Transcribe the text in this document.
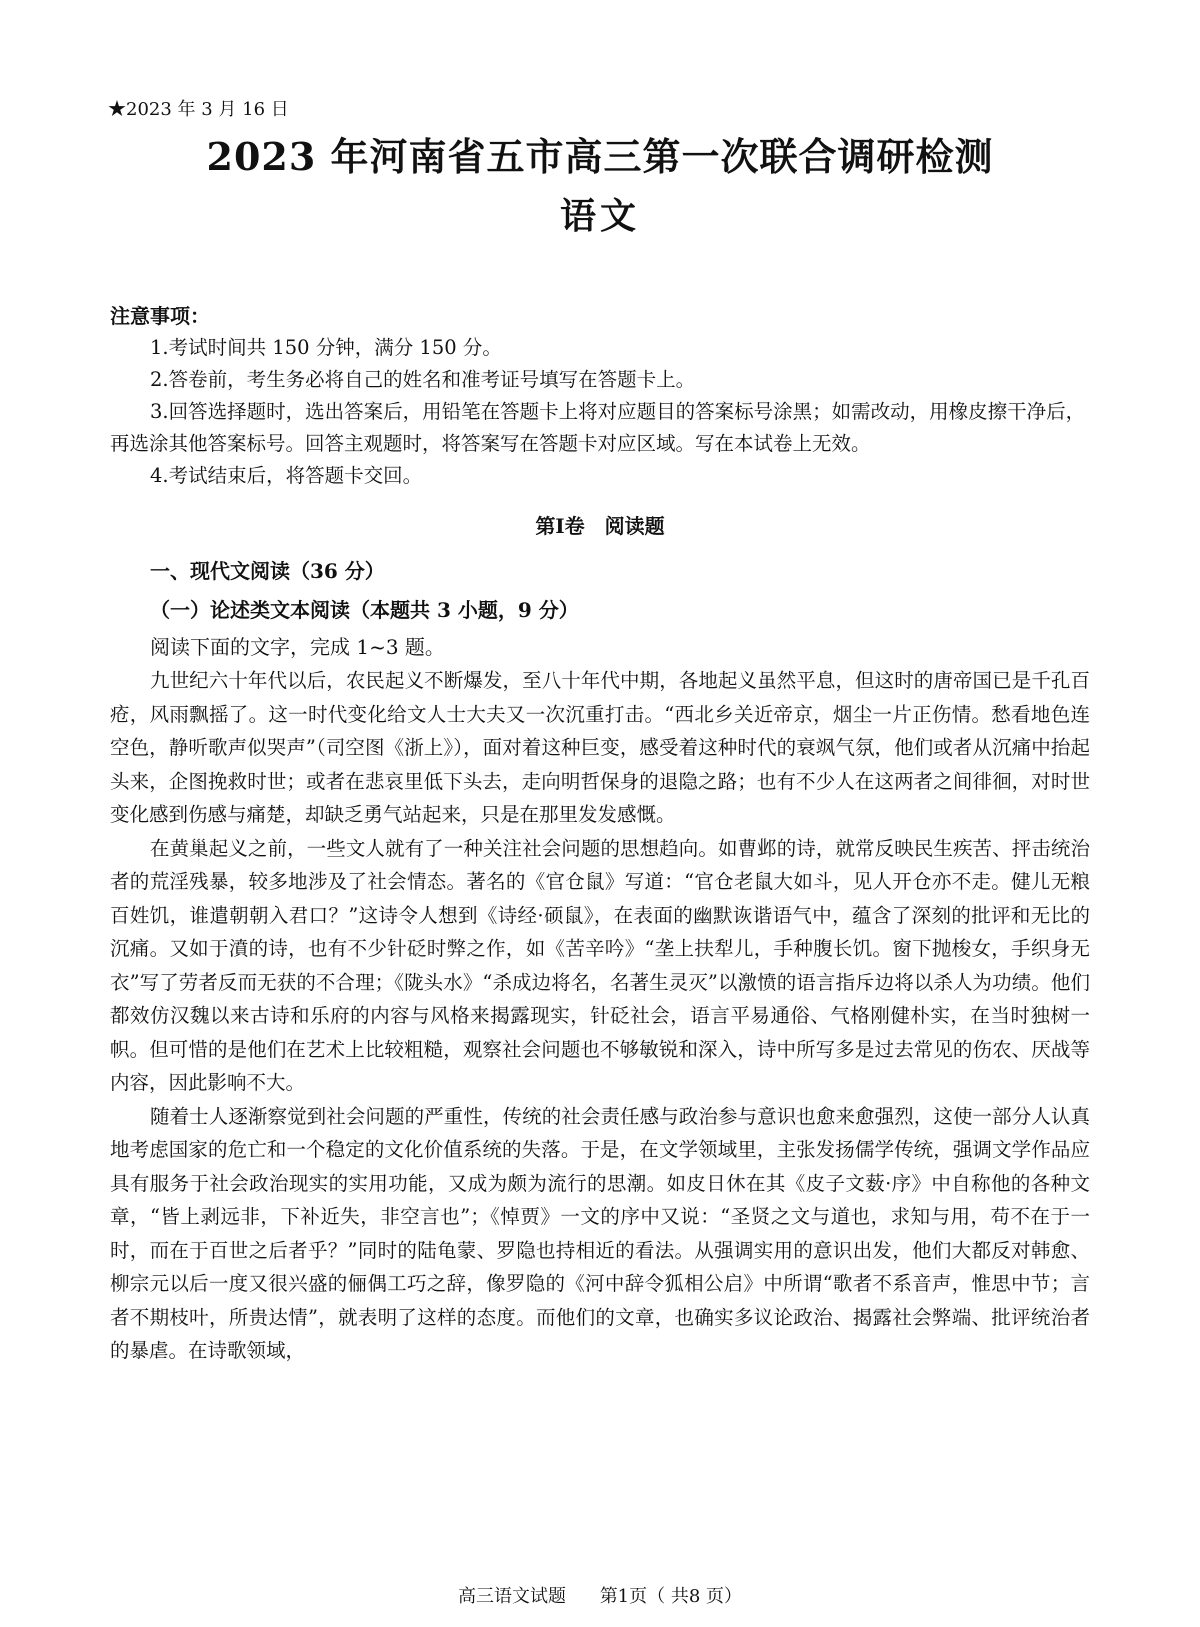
★2023 年 3 月 16 日
2023 年河南省五市高三第一次联合调研检测
语文
注意事项：

1.考试时间共 150 分钟，满分 150 分。

2.答卷前，考生务必将自己的姓名和准考证号填写在答题卡上。

3.回答选择题时，选出答案后，用铅笔在答题卡上将对应题目的答案标号涂黑；如需改动，用橡皮擦干净后，再选涂其他答案标号。回答主观题时，将答案写在答题卡对应区域。写在本试卷上无效。

4.考试结束后，将答题卡交回。

第Ⅰ卷　阅读题
一、现代文阅读（36 分）
（一）论述类文本阅读（本题共 3 小题，9 分）
阅读下面的文字，完成 1~3 题。

九世纪六十年代以后，农民起义不断爆发，至八十年代中期，各地起义虽然平息，但这时的唐帝国已是千孔百疮，风雨飘摇了。这一时代变化给文人士大夫又一次沉重打击。“西北乡关近帝京，烟尘一片正伤情。愁看地色连空色，静听歌声似哭声”（司空图《浙上》），面对着这种巨变，感受着这种时代的衰飒气氛，他们或者从沉痛中抬起头来，企图挽救时世；或者在悲哀里低下头去，走向明哲保身的退隐之路；也有不少人在这两者之间徘徊，对时世变化感到伤感与痛楚，却缺乏勇气站起来，只是在那里发发感慨。

在黄巢起义之前，一些文人就有了一种关注社会问题的思想趋向。如曹邺的诗，就常反映民生疾苦、抨击统治者的荒淫残暴，较多地涉及了社会情态。著名的《官仓鼠》写道：“官仓老鼠大如斗，见人开仓亦不走。健儿无粮百姓饥，谁遣朝朝入君口？”这诗令人想到《诗经·硕鼠》，在表面的幽默诙谐语气中，蕴含了深刻的批评和无比的沉痛。又如于濆的诗，也有不少针砭时弊之作，如《苦辛吟》“垄上扶犁儿，手种腹长饥。窗下抛梭女，手织身无衣”写了劳者反而无获的不合理；《陇头水》“杀成边将名，名著生灵灭”以激愤的语言指斥边将以杀人为功绩。他们都效仿汉魏以来古诗和乐府的内容与风格来揭露现实，针砭社会，语言平易通俗、气格刚健朴实，在当时独树一帜。但可惜的是他们在艺术上比较粗糙，观察社会问题也不够敏锐和深入，诗中所写多是过去常见的伤农、厌战等内容，因此影响不大。

随着士人逐渐察觉到社会问题的严重性，传统的社会责任感与政治参与意识也愈来愈强烈，这使一部分人认真地考虑国家的危亡和一个稳定的文化价值系统的失落。于是，在文学领域里，主张发扬儒学传统，强调文学作品应具有服务于社会政治现实的实用功能，又成为颇为流行的思潮。如皮日休在其《皮子文薮·序》中自称他的各种文章，“皆上剥远非，下补近失，非空言也”；《悼贾》一文的序中又说：“圣贤之文与道也，求知与用，苟不在于一时，而在于百世之后者乎？”同时的陆龟蒙、罗隐也持相近的看法。从强调实用的意识出发，他们大都反对韩愈、柳宗元以后一度又很兴盛的俪偶工巧之辞，像罗隐的《河中辞令狐相公启》中所谓“歌者不系音声，惟思中节；言者不期枝叶，所贵达情”，就表明了这样的态度。而他们的文章，也确实多议论政治、揭露社会弊端、批评统治者的暴虐。在诗歌领域，

高三语文试题 第1页（ 共8 页）
